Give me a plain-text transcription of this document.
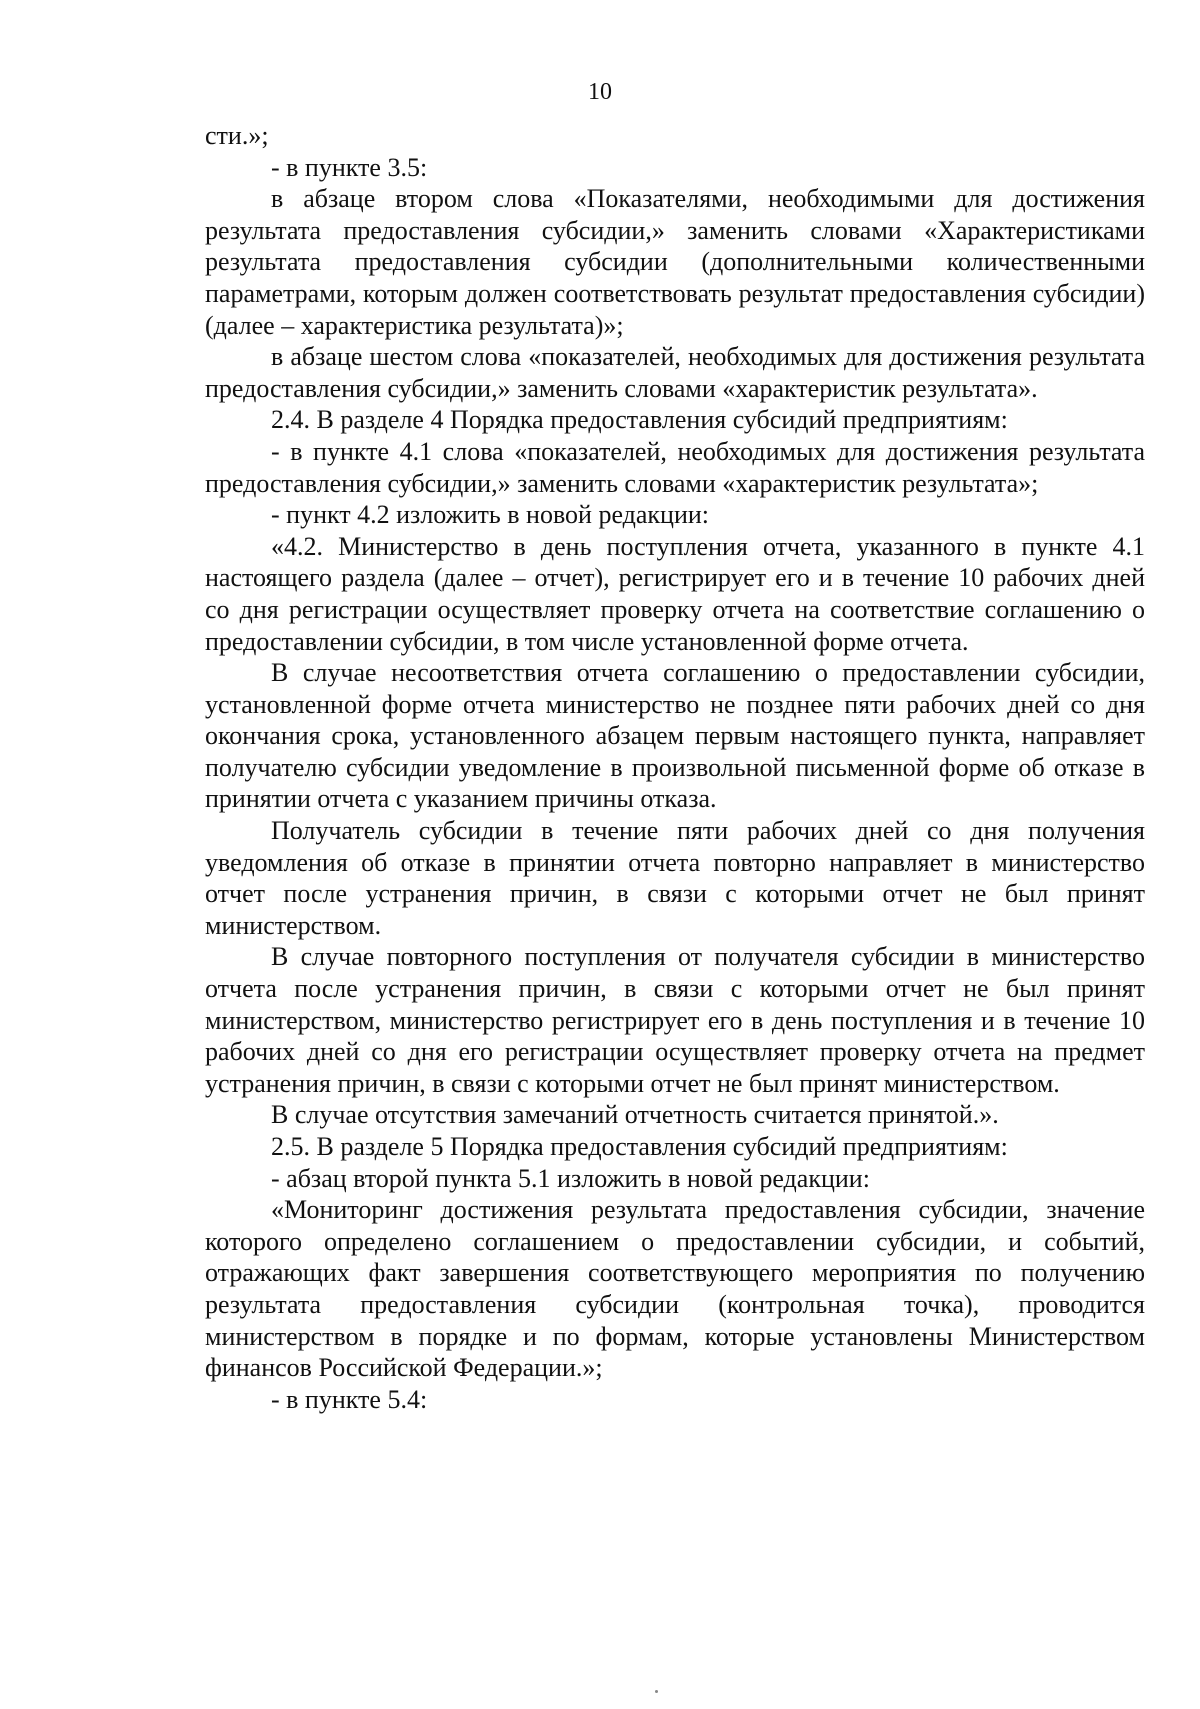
10

сти.»;

- в пункте 3.5:

в абзаце втором слова «Показателями, необходимыми для достижения результата предоставления субсидии,» заменить словами «Характеристиками результата предоставления субсидии (дополнительными количественными параметрами, которым должен соответствовать результат предоставления субсидии) (далее – характеристика результата)»;

в абзаце шестом слова «показателей, необходимых для достижения результата предоставления субсидии,» заменить словами «характеристик результата».

2.4. В разделе 4 Порядка предоставления субсидий предприятиям:

- в пункте 4.1 слова «показателей, необходимых для достижения результата предоставления субсидии,» заменить словами «характеристик результата»;

- пункт 4.2 изложить в новой редакции:

«4.2. Министерство в день поступления отчета, указанного в пункте 4.1 настоящего раздела (далее – отчет), регистрирует его и в течение 10 рабочих дней со дня регистрации осуществляет проверку отчета на соответствие соглашению о предоставлении субсидии, в том числе установленной форме отчета.

В случае несоответствия отчета соглашению о предоставлении субсидии, установленной форме отчета министерство не позднее пяти рабочих дней со дня окончания срока, установленного абзацем первым настоящего пункта, направляет получателю субсидии уведомление в произвольной письменной форме об отказе в принятии отчета с указанием причины отказа.

Получатель субсидии в течение пяти рабочих дней со дня получения уведомления об отказе в принятии отчета повторно направляет в министерство отчет после устранения причин, в связи с которыми отчет не был принят министерством.

В случае повторного поступления от получателя субсидии в министерство отчета после устранения причин, в связи с которыми отчет не был принят министерством, министерство регистрирует его в день поступления и в течение 10 рабочих дней со дня его регистрации осуществляет проверку отчета на предмет устранения причин, в связи с которыми отчет не был принят министерством.

В случае отсутствия замечаний отчетность считается принятой.».

2.5. В разделе 5 Порядка предоставления субсидий предприятиям:

- абзац второй пункта 5.1 изложить в новой редакции:

«Мониторинг достижения результата предоставления субсидии, значение которого определено соглашением о предоставлении субсидии, и событий, отражающих факт завершения соответствующего мероприятия по получению результата предоставления субсидии (контрольная точка), проводится министерством в порядке и по формам, которые установлены Министерством финансов Российской Федерации.»;

- в пункте 5.4:
